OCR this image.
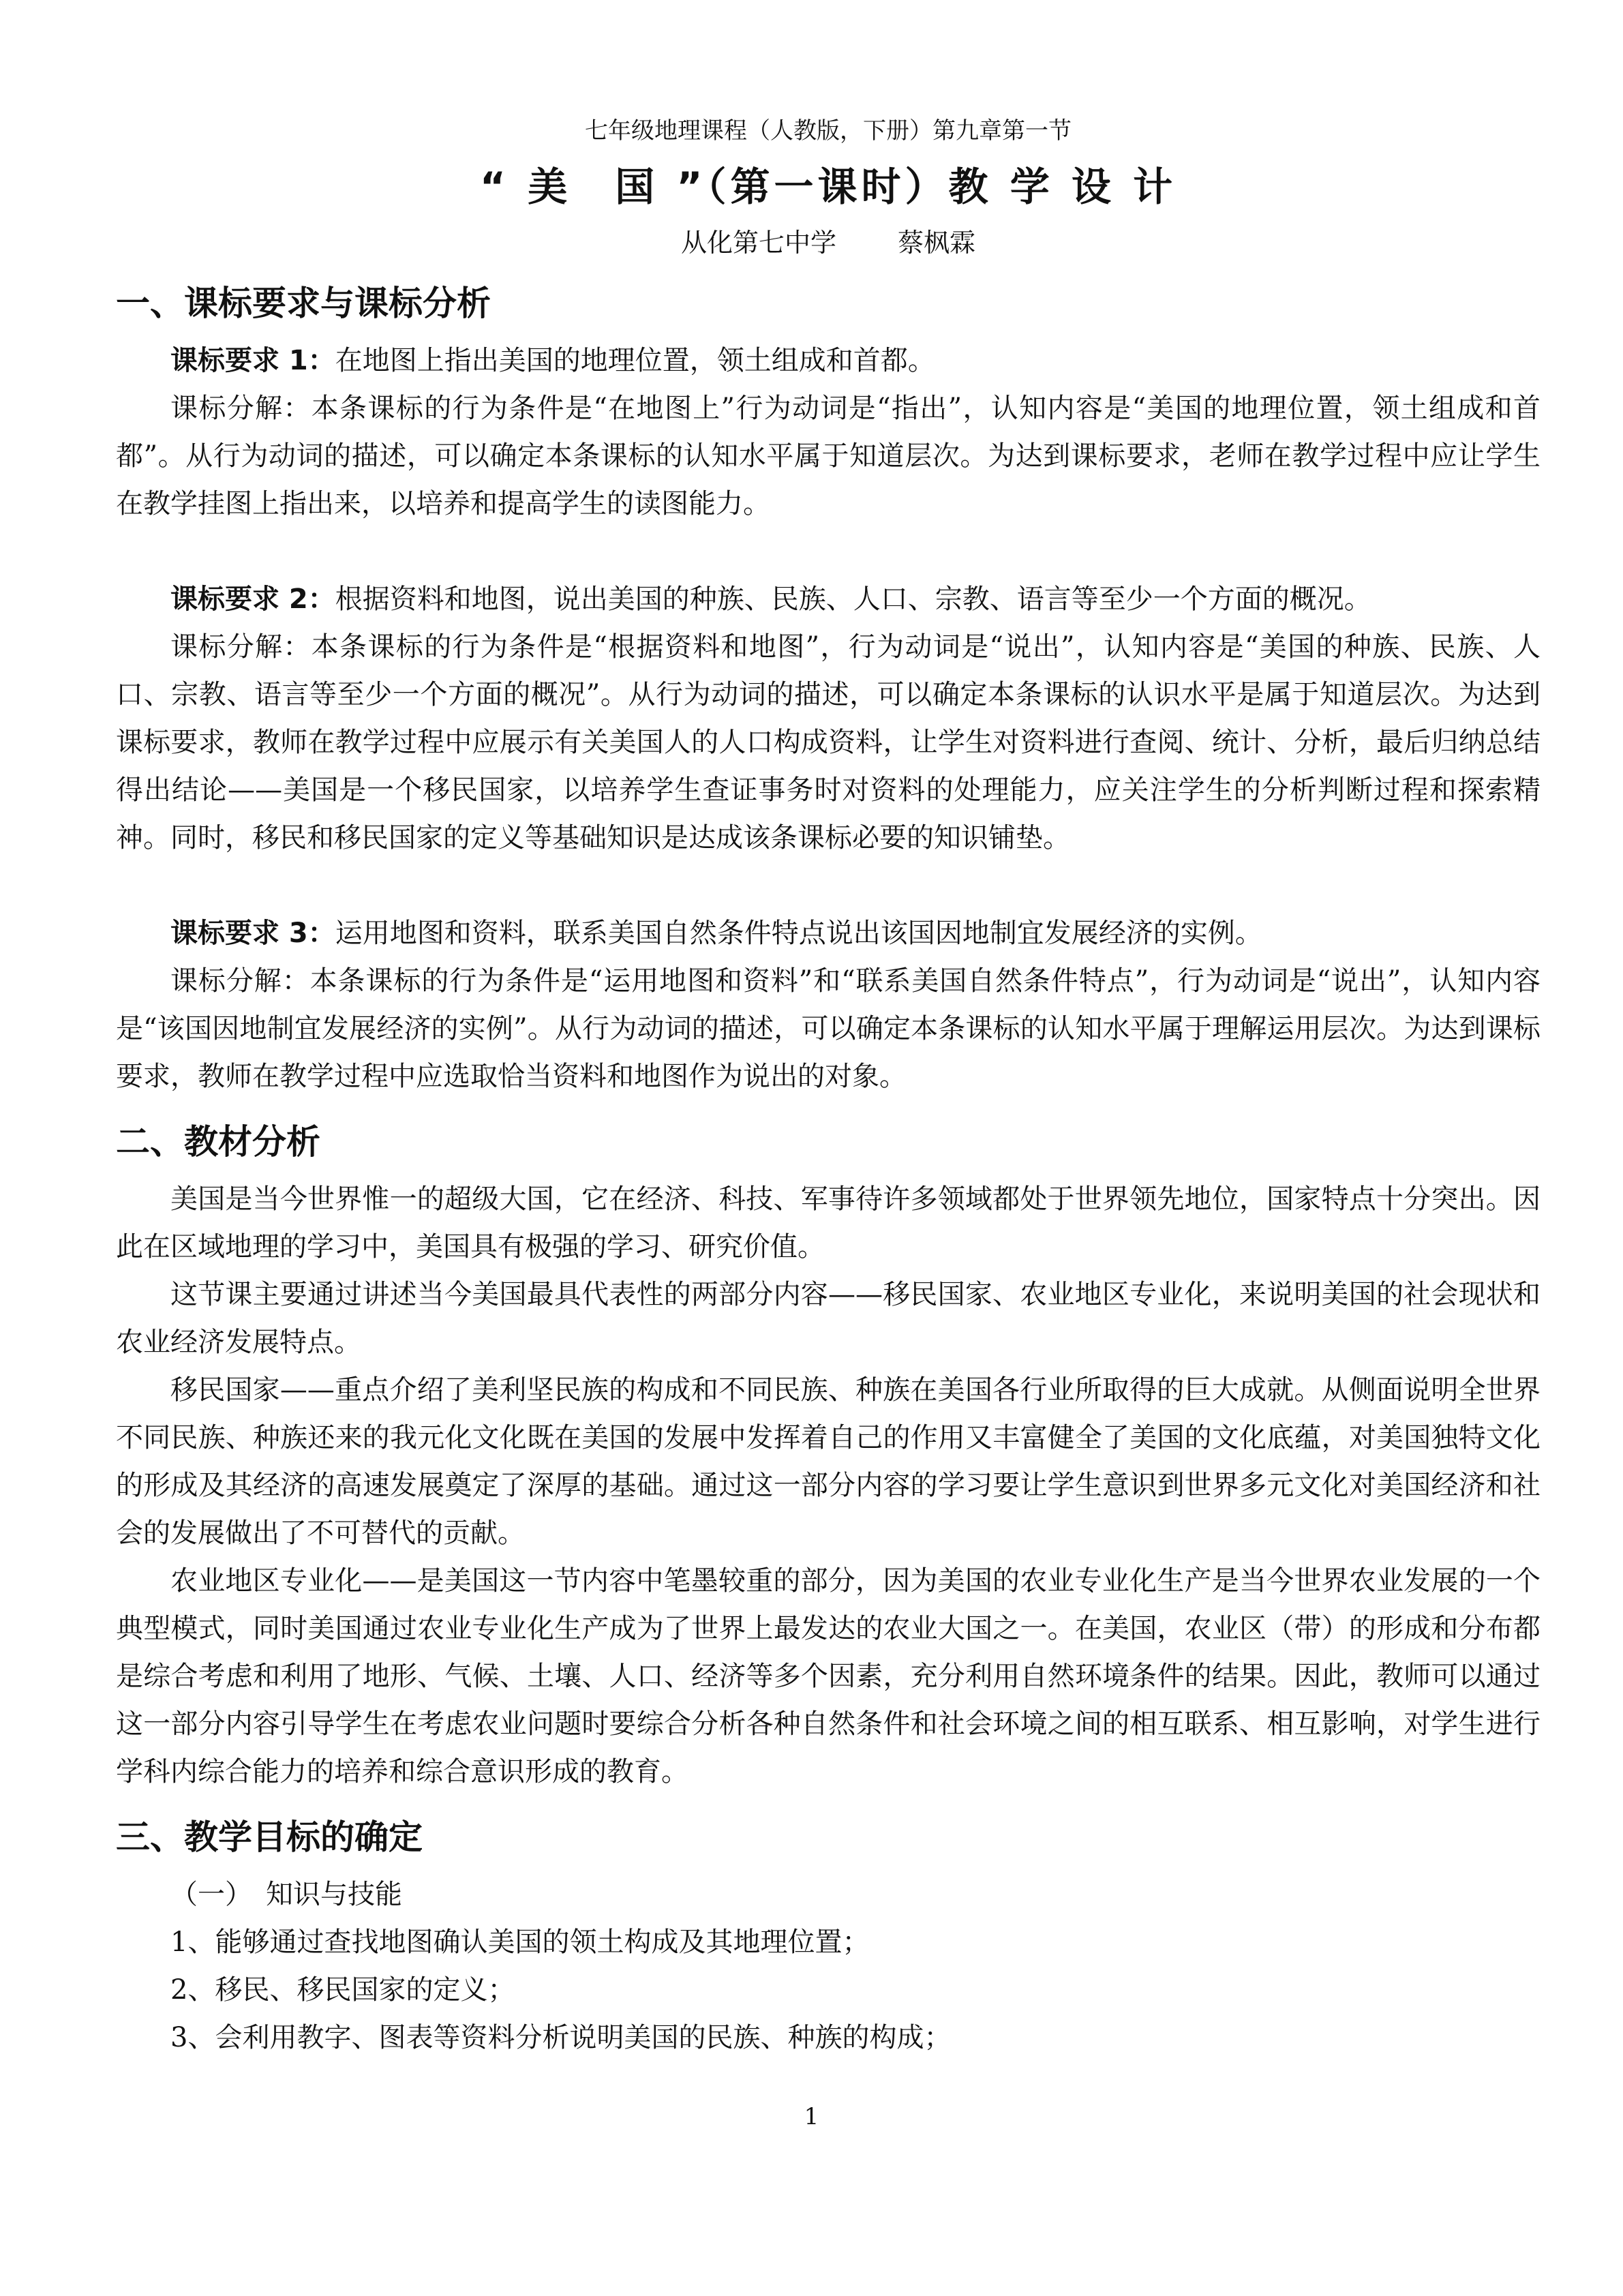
七年级地理课程（人教版，下册）第九章第一节

“ 美　国 ”（第一课时）教 学 设 计
从化第七中学 蔡枫霖
一、课标要求与课标分析

课标要求 1：在地图上指出美国的地理位置，领土组成和首都。

课标分解：本条课标的行为条件是“在地图上”行为动词是“指出”，认知内容是“美国的地理位置，领土组成和首都”。从行为动词的描述，可以确定本条课标的认知水平属于知道层次。为达到课标要求，老师在教学过程中应让学生在教学挂图上指出来，以培养和提高学生的读图能力。

课标要求 2：根据资料和地图，说出美国的种族、民族、人口、宗教、语言等至少一个方面的概况。

课标分解：本条课标的行为条件是“根据资料和地图”，行为动词是“说出”，认知内容是“美国的种族、民族、人口、宗教、语言等至少一个方面的概况”。从行为动词的描述，可以确定本条课标的认识水平是属于知道层次。为达到课标要求，教师在教学过程中应展示有关美国人的人口构成资料，让学生对资料进行查阅、统计、分析，最后归纳总结得出结论——美国是一个移民国家，以培养学生查证事务时对资料的处理能力，应关注学生的分析判断过程和探索精神。同时，移民和移民国家的定义等基础知识是达成该条课标必要的知识铺垫。

课标要求 3：运用地图和资料，联系美国自然条件特点说出该国因地制宜发展经济的实例。

课标分解：本条课标的行为条件是“运用地图和资料”和“联系美国自然条件特点”，行为动词是“说出”，认知内容是“该国因地制宜发展经济的实例”。从行为动词的描述，可以确定本条课标的认知水平属于理解运用层次。为达到课标要求，教师在教学过程中应选取恰当资料和地图作为说出的对象。

二、教材分析

美国是当今世界惟一的超级大国，它在经济、科技、军事待许多领域都处于世界领先地位，国家特点十分突出。因此在区域地理的学习中，美国具有极强的学习、研究价值。

这节课主要通过讲述当今美国最具代表性的两部分内容——移民国家、农业地区专业化，来说明美国的社会现状和农业经济发展特点。

移民国家——重点介绍了美利坚民族的构成和不同民族、种族在美国各行业所取得的巨大成就。从侧面说明全世界不同民族、种族还来的我元化文化既在美国的发展中发挥着自己的作用又丰富健全了美国的文化底蕴，对美国独特文化的形成及其经济的高速发展奠定了深厚的基础。通过这一部分内容的学习要让学生意识到世界多元文化对美国经济和社会的发展做出了不可替代的贡献。

农业地区专业化——是美国这一节内容中笔墨较重的部分，因为美国的农业专业化生产是当今世界农业发展的一个典型模式，同时美国通过农业专业化生产成为了世界上最发达的农业大国之一。在美国，农业区（带）的形成和分布都是综合考虑和利用了地形、气候、土壤、人口、经济等多个因素，充分利用自然环境条件的结果。因此，教师可以通过这一部分内容引导学生在考虑农业问题时要综合分析各种自然条件和社会环境之间的相互联系、相互影响，对学生进行学科内综合能力的培养和综合意识形成的教育。

三、教学目标的确定

（一）　知识与技能

1、能够通过查找地图确认美国的领土构成及其地理位置；

2、移民、移民国家的定义；

3、会利用教字、图表等资料分析说明美国的民族、种族的构成；

1
